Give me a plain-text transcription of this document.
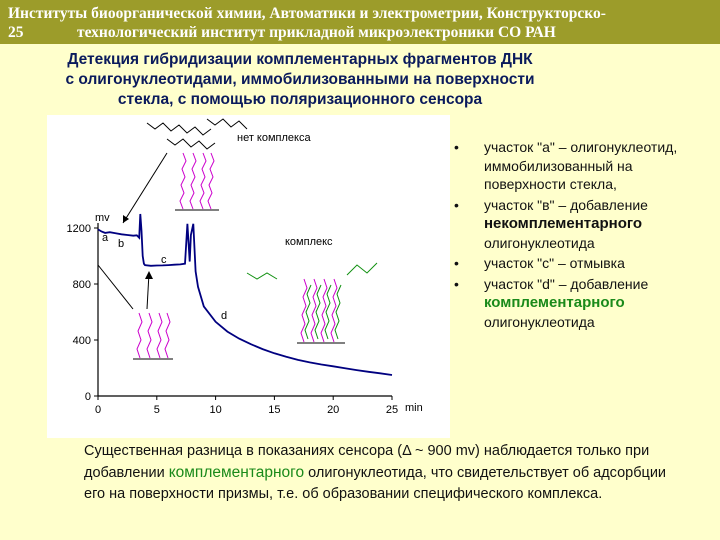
Институты биоорганической химии, Автоматики и электрометрии, Конструкторско-
25	технологический институт прикладной микроэлектроники СО РАН
Детекция гибридизации комплементарных фрагментов ДНК
с олигонуклеотидами, иммобилизованными на поверхности
стекла, с помощью поляризационного сенсора
0	5	10	15	20	25
0
400
800
1200
mv
min
a b
c
d
нет комплекса
комплекс
• участок "a" – олигонуклеотид, иммобилизованный на поверхности стекла,
• участок "в" – добавление некомплементарного
олигонуклеотида
• участок "c" – отмывка
• участок "d" – добавление комплементарного
олигонуклеотида
Существенная разница в показаниях сенсора (Δ ~ 900 mv) наблюдается только при добавлении комплементарного олигонуклеотида, что свидетельствует об адсорбции его на поверхности призмы, т.е. об образовании специфического комплекса.
